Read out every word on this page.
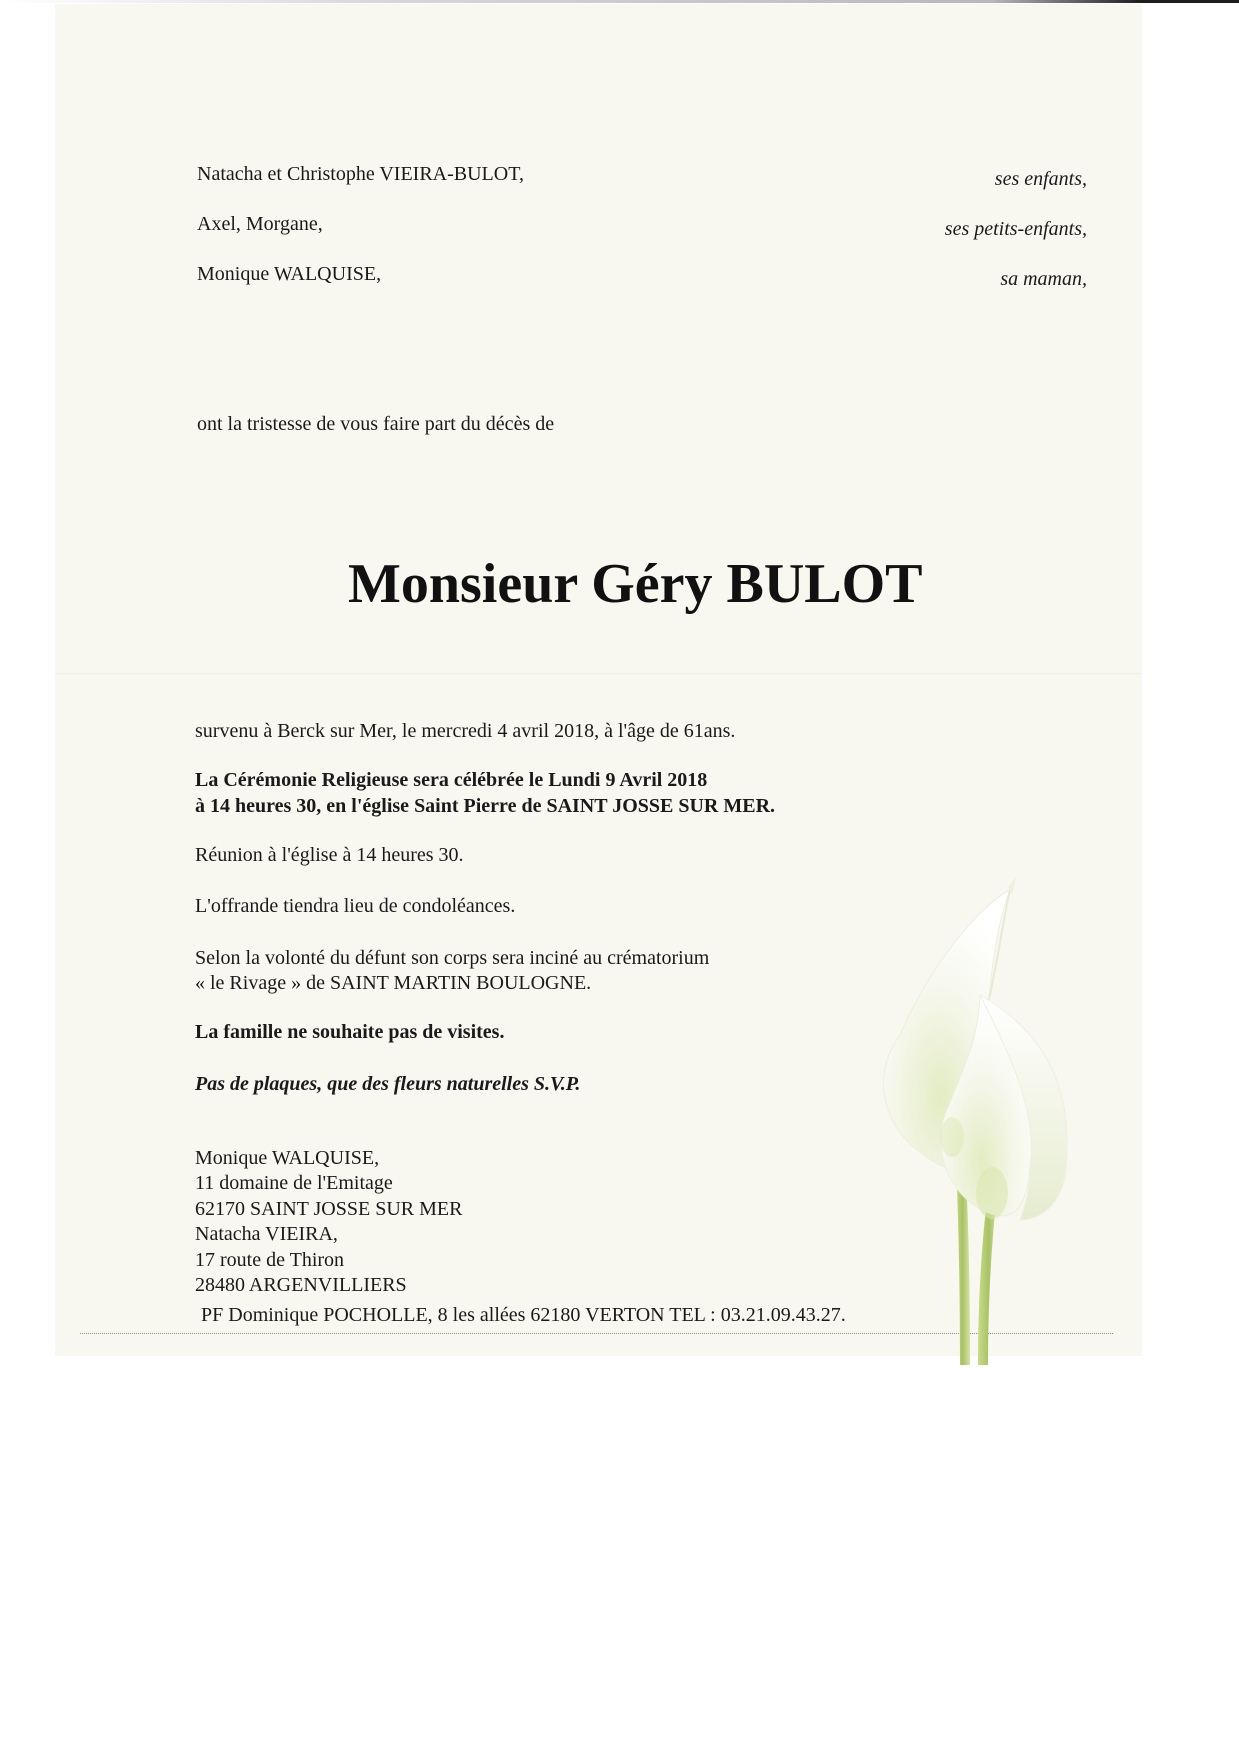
Natacha et Christophe VIEIRA-BULOT,	ses enfants,
Axel, Morgane,	ses petits-enfants,
Monique WALQUISE,	sa maman,
ont la tristesse de vous faire part du décès de
Monsieur Géry BULOT
survenu à Berck sur Mer, le mercredi 4 avril 2018, à l'âge de 61ans.
La Cérémonie Religieuse sera célébrée le Lundi 9 Avril 2018
à 14 heures 30, en l'église Saint Pierre de SAINT JOSSE SUR MER.
Réunion à l'église à 14 heures 30.
L'offrande tiendra lieu de condoléances.
Selon la volonté du défunt son corps sera inciné au crématorium
« le Rivage » de SAINT MARTIN BOULOGNE.
La famille ne souhaite pas de visites.
Pas de plaques, que des fleurs naturelles S.V.P.
Monique WALQUISE,
11 domaine de l'Emitage
62170 SAINT JOSSE SUR MER
Natacha VIEIRA,
17 route de Thiron
28480 ARGENVILLIERS
PF Dominique POCHOLLE, 8 les allées 62180 VERTON TEL : 03.21.09.43.27.
